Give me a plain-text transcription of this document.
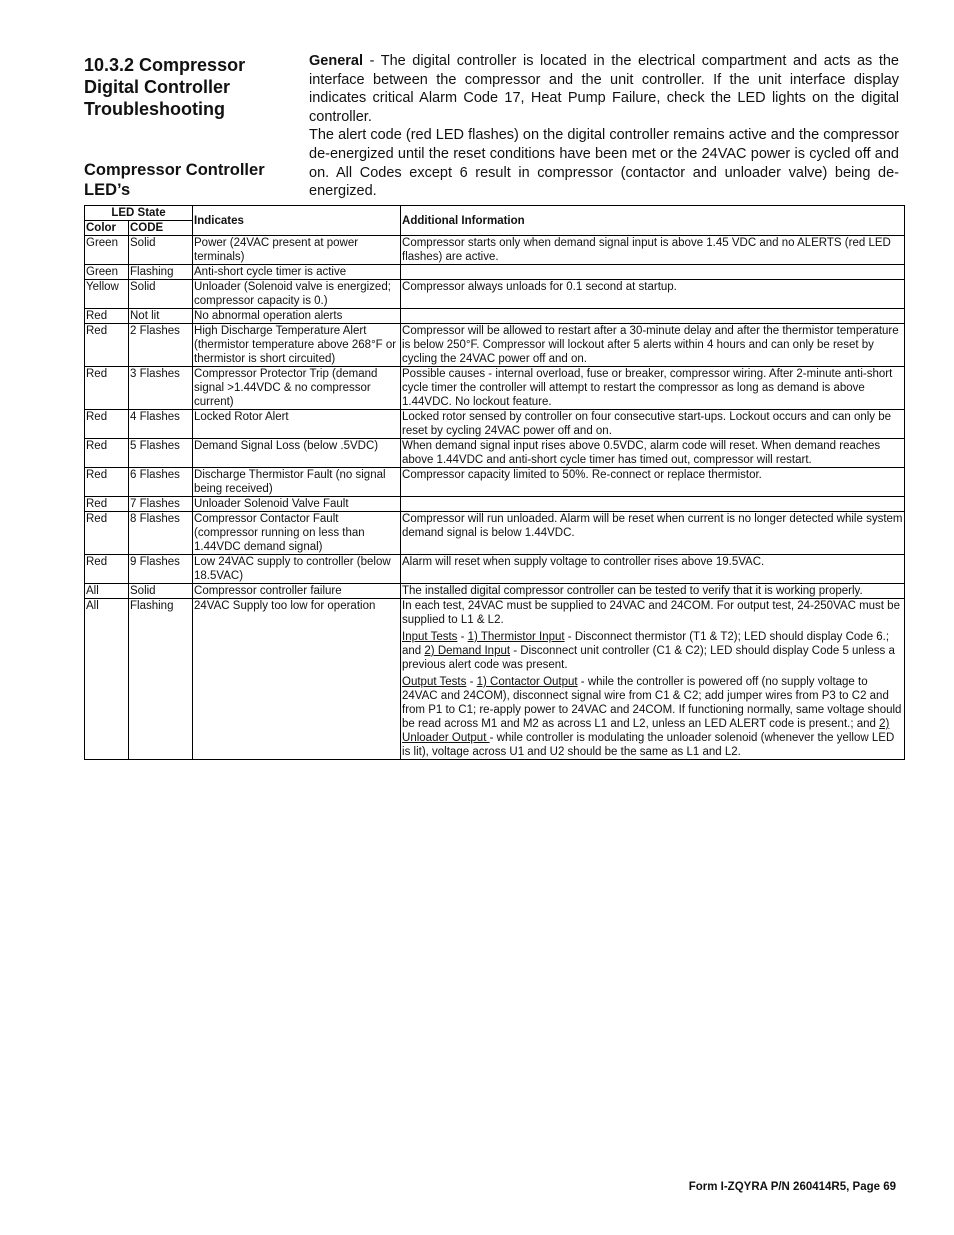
10.3.2 Compressor Digital Controller Troubleshooting
Compressor Controller LED’s

General - The digital controller is located in the electrical compartment and acts as the interface between the compressor and the unit controller. If the unit interface display indicates critical Alarm Code 17, Heat Pump Failure, check the LED lights on the digital controller.

The alert code (red LED flashes) on the digital controller remains active and the compressor de-energized until the reset conditions have been met or the 24VAC power is cycled off and on. All Codes except 6 result in compressor (contactor and unloader valve) being de-energized.

LED State		Indicates	Additional Information
Color	CODE		
Green	Solid	Power (24VAC present at power terminals)	Compressor starts only when demand signal input is above 1.45 VDC and no ALERTS (red LED flashes) are active.
Green	Flashing	Anti-short cycle timer is active	
Yellow	Solid	Unloader (Solenoid valve is energized; compressor capacity is 0.)	Compressor always unloads for 0.1 second at startup.
Red	Not lit	No abnormal operation alerts	
Red	2 Flashes	High Discharge Temperature Alert (thermistor temperature above 268°F or thermistor is short circuited)	Compressor will be allowed to restart after a 30-minute delay and after the thermistor temperature is below 250°F. Compressor will lockout after 5 alerts within 4 hours and can only be reset by cycling the 24VAC power off and on.
Red	3 Flashes	Compressor Protector Trip (demand signal >1.44VDC & no compressor current)	Possible causes - internal overload, fuse or breaker, compressor wiring. After 2-minute anti-short cycle timer the controller will attempt to restart the compressor as long as demand is above 1.44VDC. No lockout feature.
Red	4 Flashes	Locked Rotor Alert	Locked rotor sensed by controller on four consecutive start-ups. Lockout occurs and can only be reset by cycling 24VAC power off and on.
Red	5 Flashes	Demand Signal Loss (below .5VDC)	When demand signal input rises above 0.5VDC, alarm code will reset. When demand reaches above 1.44VDC and anti-short cycle timer has timed out, compressor will restart.
Red	6 Flashes	Discharge Thermistor Fault (no signal being received)	Compressor capacity limited to 50%. Re-connect or replace thermistor.
Red	7 Flashes	Unloader Solenoid Valve Fault	
Red	8 Flashes	Compressor Contactor Fault (compressor running on less than 1.44VDC demand signal)	Compressor will run unloaded. Alarm will be reset when current is no longer detected while system demand signal is below 1.44VDC.
Red	9 Flashes	Low 24VAC supply to controller (below 18.5VAC)	Alarm will reset when supply voltage to controller rises above 19.5VAC.
All	Solid	Compressor controller failure	The installed digital compressor controller can be tested to verify that it is working properly.
All	Flashing	24VAC Supply too low for operation	In each test, 24VAC must be supplied to 24VAC and 24COM. For output test, 24-250VAC must be supplied to L1 & L2.

Input Tests - 1) Thermistor Input - Disconnect thermistor (T1 & T2); LED should display Code 6.; and 2) Demand Input - Disconnect unit controller (C1 & C2); LED should display Code 5 unless a previous alert code was present.

Output Tests - 1) Contactor Output - while the controller is powered off (no supply voltage to 24VAC and 24COM), disconnect signal wire from C1 & C2; add jumper wires from P3 to C2 and from P1 to C1; re-apply power to 24VAC and 24COM. If functioning normally, same voltage should be read across M1 and M2 as across L1 and L2, unless an LED ALERT code is present.; and 2) Unloader Output - while controller is modulating the unloader solenoid (whenever the yellow LED is lit), voltage across U1 and U2 should be the same as L1 and L2.

Form I-ZQYRA P/N 260414R5, Page 69
